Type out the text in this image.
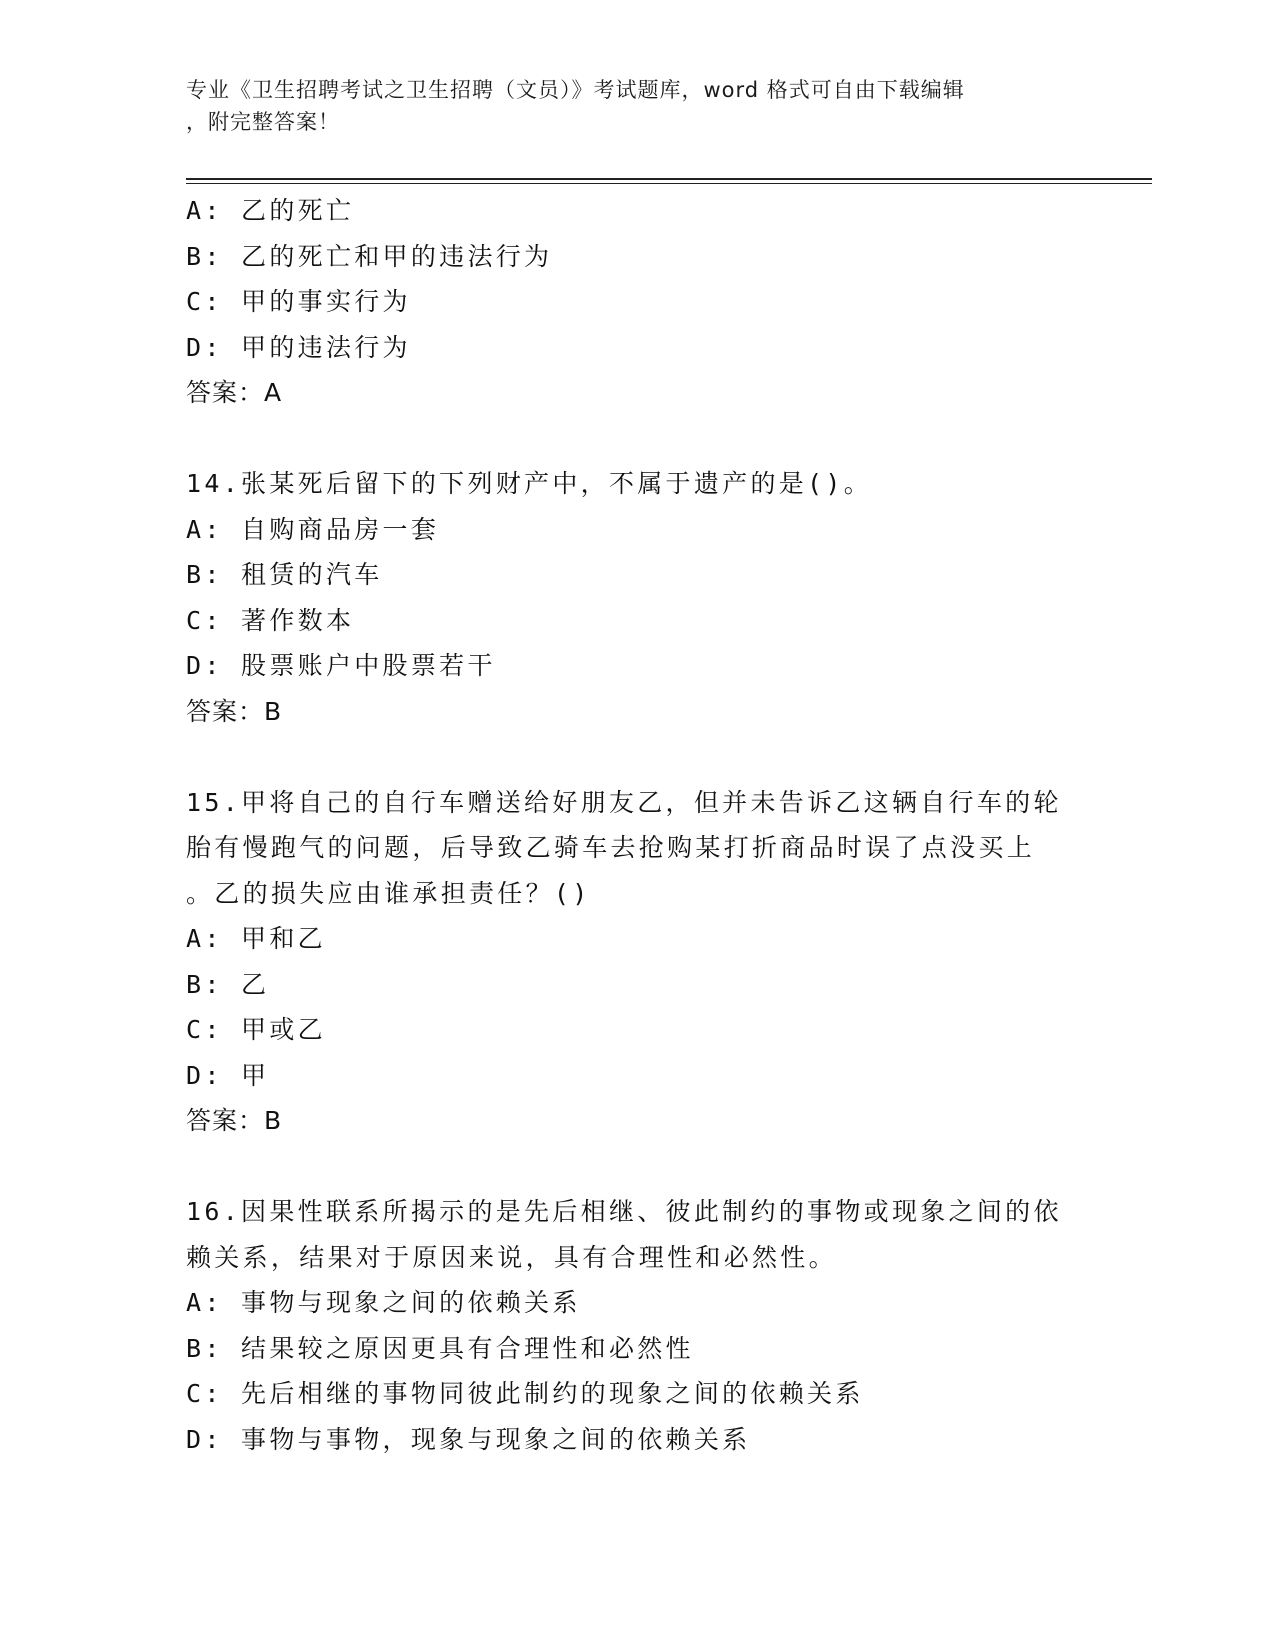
专业《卫生招聘考试之卫生招聘（文员）》考试题库，word 格式可自由下载编辑
，附完整答案！
A: 乙的死亡
B: 乙的死亡和甲的违法行为
C: 甲的事实行为
D: 甲的违法行为
答案：A
14.张某死后留下的下列财产中，不属于遗产的是()。
A: 自购商品房一套
B: 租赁的汽车
C: 著作数本
D: 股票账户中股票若干
答案：B
15.甲将自己的自行车赠送给好朋友乙，但并未告诉乙这辆自行车的轮
胎有慢跑气的问题，后导致乙骑车去抢购某打折商品时误了点没买上
。乙的损失应由谁承担责任？()
A: 甲和乙
B: 乙
C: 甲或乙
D: 甲
答案：B
16.因果性联系所揭示的是先后相继、彼此制约的事物或现象之间的依
赖关系，结果对于原因来说，具有合理性和必然性。
A: 事物与现象之间的依赖关系
B: 结果较之原因更具有合理性和必然性
C: 先后相继的事物同彼此制约的现象之间的依赖关系
D: 事物与事物，现象与现象之间的依赖关系
